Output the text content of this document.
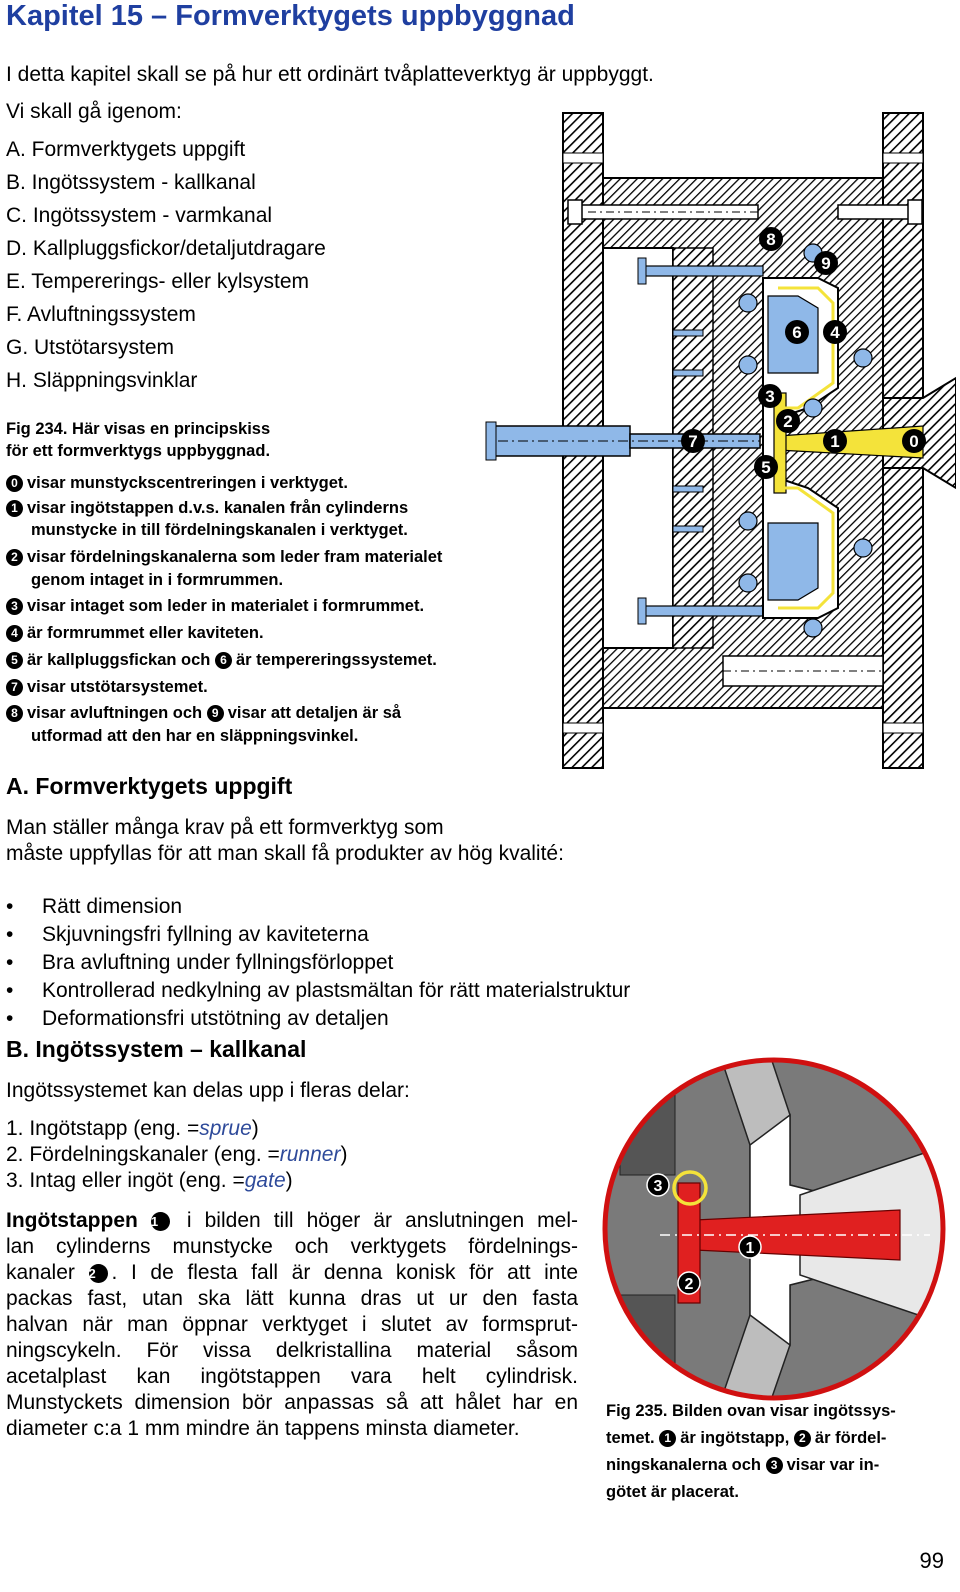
Kapitel 15 – Formverktygets uppbyggnad
I detta kapitel skall se på hur ett ordinärt tvåplatteverktyg är uppbyggt.
Vi skall gå igenom:
A. Formverktygets uppgift
B. Ingötssystem - kallkanal
C. Ingötssystem - varmkanal
D. Kallpluggsfickor/detaljutdragare
E. Tempererings- eller kylsystem
F. Avluftningssystem
G. Utstötarsystem
H. Släppningsvinklar
Fig 234. Här visas en principskiss
för ett formverktygs uppbyggnad.
0 visar munstyckscentreringen i verktyget.
1 visar ingötstappen d.v.s. kanalen från cylinderns
munstycke in till fördelningskanalen i verktyget.
2 visar fördelningskanalerna som leder fram materialet
genom intaget in i formrummen.
3 visar intaget som leder in materialet i formrummet.
4 är formrummet eller kaviteten.
5 är kallpluggsfickan och 6 är tempereringssystemet.
7 visar utstötarsystemet.
8 visar avluftningen och 9 visar att detaljen är så
utformad att den har en släppningsvinkel.
8
9
6 4
3
2
1	0
7
5
A. Formverktygets uppgift
Man ställer många krav på ett formverktyg som
måste uppfyllas för att man skall få produkter av hög kvalité:
• Rätt dimension
• Skjuvningsfri fyllning av kaviteterna
• Bra avluftning under fyllningsförloppet
• Kontrollerad nedkylning av plastsmältan för rätt materialstruktur
• Deformationsfri utstötning av detaljen
B. Ingötssystem – kallkanal
Ingötssystemet kan delas upp i fleras delar:
1. Ingötstapp (eng. =sprue)
2. Fördelningskanaler (eng. =runner)
3. Intag eller ingöt (eng. =gate)
Ingötstappen 1 i bilden till höger är anslutningen mel-
lan cylinderns munstycke och verktygets fördelnings-
kanaler 2 . I de flesta fall är denna konisk för att inte
packas fast, utan ska lätt kunna dras ut ur den fasta
halvan när man öppnar verktyget i slutet av formsprut-
ningscykeln. För vissa delkristallina material såsom
acetalplast kan ingötstappen vara helt cylindrisk.
Munstyckets dimension bör anpassas så att hålet har en
diameter c:a 1 mm mindre än tappens minsta diameter.
3
1
2
Fig 235. Bilden ovan visar ingötssys-
temet. 1 är ingötstapp, 2 är fördel-
ningskanalerna och 3 visar var in-
götet är placerat.
99
